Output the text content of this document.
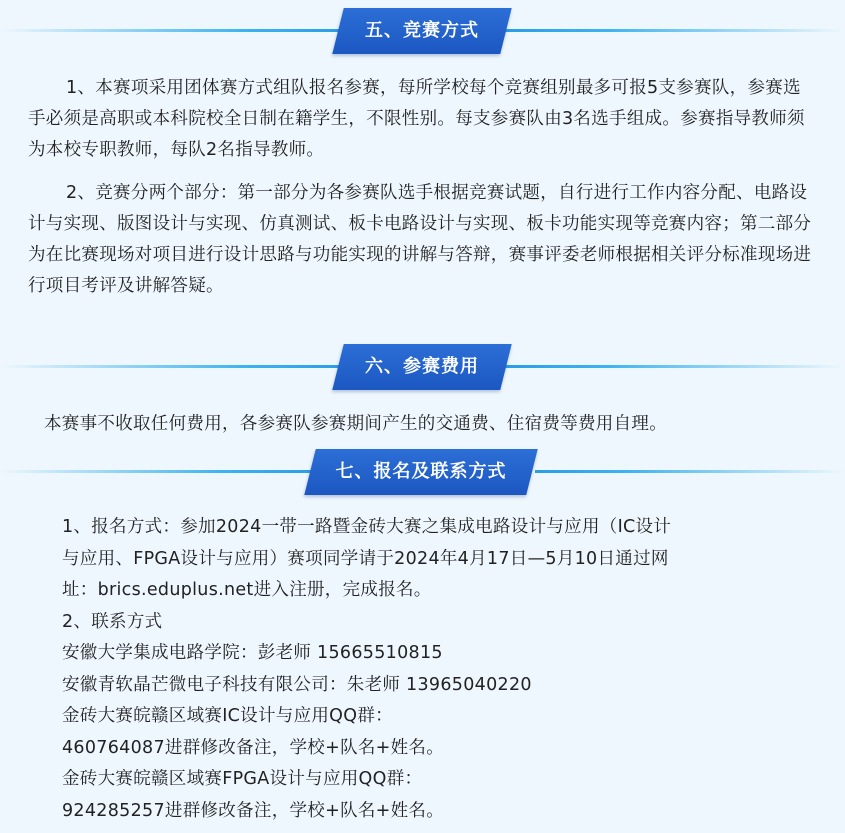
五、竞赛方式

1、本赛项采用团体赛方式组队报名参赛，每所学校每个竞赛组别最多可报5支参赛队，参赛选手必须是高职或本科院校全日制在籍学生，不限性别。每支参赛队由3名选手组成。参赛指导教师须为本校专职教师，每队2名指导教师。

2、竞赛分两个部分：第一部分为各参赛队选手根据竞赛试题，自行进行工作内容分配、电路设计与实现、版图设计与实现、仿真测试、板卡电路设计与实现、板卡功能实现等竞赛内容；第二部分为在比赛现场对项目进行设计思路与功能实现的讲解与答辩，赛事评委老师根据相关评分标准现场进行项目考评及讲解答疑。

六、参赛费用

本赛事不收取任何费用，各参赛队参赛期间产生的交通费、住宿费等费用自理。

七、报名及联系方式
1、报名方式：参加2024一带一路暨金砖大赛之集成电路设计与应用（IC设计
与应用、FPGA设计与应用）赛项同学请于2024年4月17日—5月10日通过网
址：brics.eduplus.net进入注册，完成报名。
2、联系方式
安徽大学集成电路学院：彭老师 15665510815
安徽青软晶芒微电子科技有限公司：朱老师 13965040220
金砖大赛皖赣区域赛IC设计与应用QQ群：
460764087进群修改备注，学校+队名+姓名。
金砖大赛皖赣区域赛FPGA设计与应用QQ群：
924285257进群修改备注，学校+队名+姓名。
